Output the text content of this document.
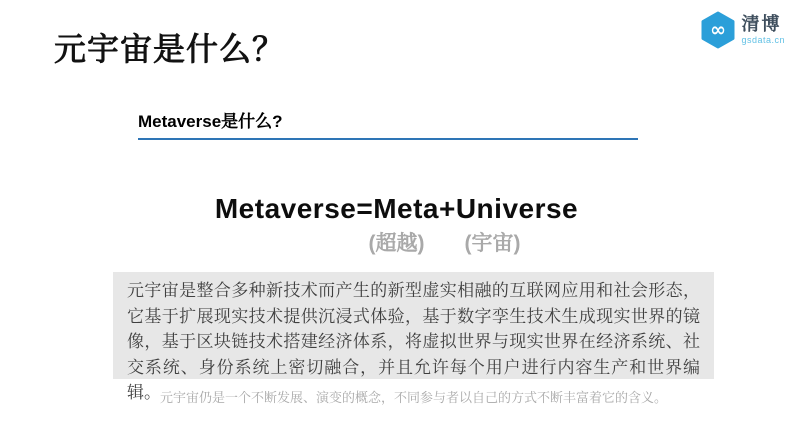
元宇宙是什么？
∞ 清博
gsdata.cn
Metaverse是什么?
Metaverse=Meta+Universe
(超越) (宇宙)
元宇宙是整合多种新技术而产生的新型虚实相融的互联网应用和社会形态，它基于扩展现实技术提供沉浸式体验，基于数字孪生技术生成现实世界的镜像，基于区块链技术搭建经济体系，将虚拟世界与现实世界在经济系统、社交系统、身份系统上密切融合，并且允许每个用户进行内容生产和世界编辑。
元宇宙仍是一个不断发展、演变的概念，不同参与者以自己的方式不断丰富着它的含义。
